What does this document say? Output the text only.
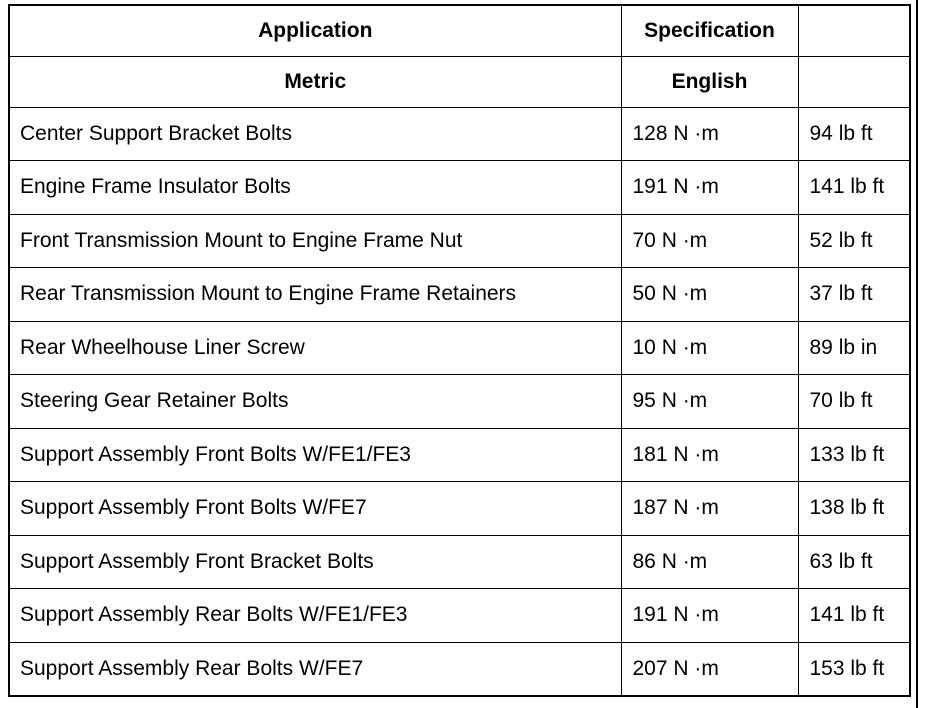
Application	Specification	
Metric	English	
Center Support Bracket Bolts	128 N ·m	94 lb ft
Engine Frame Insulator Bolts	191 N ·m	141 lb ft
Front Transmission Mount to Engine Frame Nut	70 N ·m	52 lb ft
Rear Transmission Mount to Engine Frame Retainers	50 N ·m	37 lb ft
Rear Wheelhouse Liner Screw	10 N ·m	89 lb in
Steering Gear Retainer Bolts	95 N ·m	70 lb ft
Support Assembly Front Bolts W/FE1/FE3	181 N ·m	133 lb ft
Support Assembly Front Bolts W/FE7	187 N ·m	138 lb ft
Support Assembly Front Bracket Bolts	86 N ·m	63 lb ft
Support Assembly Rear Bolts W/FE1/FE3	191 N ·m	141 lb ft
Support Assembly Rear Bolts W/FE7	207 N ·m	153 lb ft
